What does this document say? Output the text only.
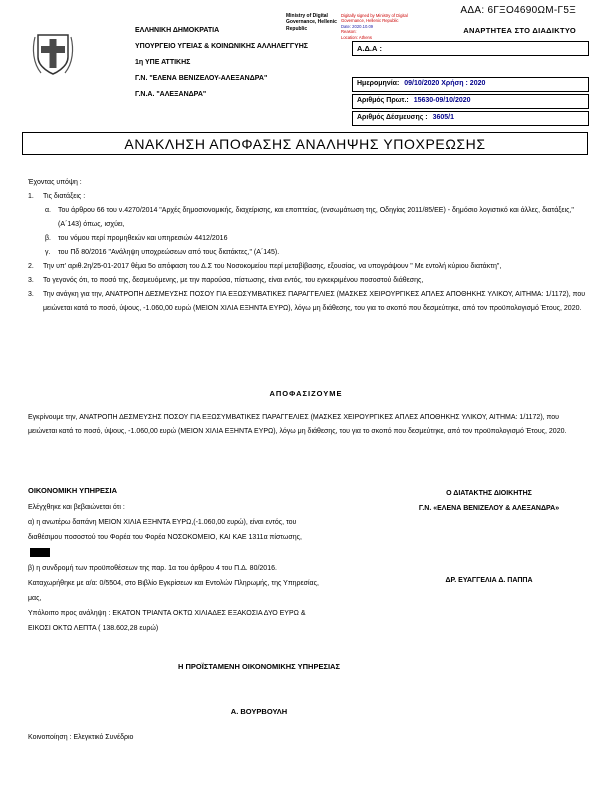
ΑΔΑ: 6ΓΞΟ4690ΩΜ-Γ5Ξ
ΑΝΑΡΤΗΤΕΑ ΣΤΟ ΔΙΑΔΙΚΤΥΟ
ΕΛΛΗΝΙΚΗ ΔΗΜΟΚΡΑΤΙΑ
ΥΠΟΥΡΓΕΙΟ ΥΓΕΙΑΣ & ΚΟΙΝΩΝΙΚΗΣ ΑΛΛΗΛΕΓΓΥΗΣ
1η ΥΠΕ ΑΤΤΙΚΗΣ
Γ.Ν. "ΕΛΕΝΑ ΒΕΝΙΖΕΛΟΥ-ΑΛΕΞΑΝΔΡΑ"
Γ.Ν.Α. "ΑΛΕΞΑΝΔΡΑ"
Ministry of Digital Governance, Hellenic Republic
Digitally signed by Ministry of Digital Governance, Hellenic Republic
Date: 2020.10.09
Reason:
Location: Athens
Α.Δ.Α :
Ημερομηνία: 09/10/2020 Χρήση : 2020
Αριθμός Πρωτ.: 15630-09/10/2020
Αριθμός Δέσμευσης : 3605/1
ΑΝΑΚΛΗΣΗ ΑΠΟΦΑΣΗΣ ΑΝΑΛΗΨΗΣ ΥΠΟΧΡΕΩΣΗΣ
Έχοντας υπόψη :
1.	Τις διατάξεις :
α.	Του άρθρου 66 του ν.4270/2014 "Αρχές δημοσιονομικής, διαχείρισης, και εποπτείας, (ενσωμάτωση της, Οδηγίας 2011/85/ΕΕ) - δημόσιο λογιστικό και άλλες, διατάξεις," (Α΄143) όπως, ισχύει,
β.	του νόμου περί προμηθειών και υπηρεσιών 4412/2016
γ.	του Πδ 80/2016 "Ανάληψη υποχρεώσεων από τους διατάκτες," (Α΄145).
2.	Την υπ' αριθ.2η/25-01-2017 θέμα 5ο απόφαση του Δ.Σ του Νοσοκομείου περί μεταβίβασης, εξουσίας, να υπογράψουν " Με εντολή κύριου διατάκτη",
3.	Το γεγονός ότι, το ποσό της, δεσμευόμενης, με την παρούσα, πίστωσης, είναι εντός, του εγκεκριμένου ποσοστού διάθεσης,
3.	Την ανάγκη για την, ΑΝΑΤΡΟΠΗ ΔΕΣΜΕΥΣΗΣ ΠΟΣΟΥ ΓΙΑ ΕΞΩΣΥΜΒΑΤΙΚΕΣ ΠΑΡΑΓΓΕΛΙΕΣ (ΜΑΣΚΕΣ ΧΕΙΡΟΥΡΓΙΚΕΣ ΑΠΛΕΣ ΑΠΟΘΗΚΗΣ ΥΛΙΚΟΥ, ΑΙΤΗΜΑ: 1/1172), που μειώνεται κατά το ποσό, ύψους, -1.060,00 ευρώ (ΜΕΙΟΝ ΧΙΛΙΑ ΕΞΗΝΤΑ ΕΥΡΩ), λόγω μη διάθεσης, του για το σκοπό που δεσμεύτηκε, από τον προϋπολογισμό Έτους, 2020.
ΑΠΟΦΑΣΙΖΟΥΜΕ
Εγκρίνουμε την, ΑΝΑΤΡΟΠΗ ΔΕΣΜΕΥΣΗΣ ΠΟΣΟΥ ΓΙΑ ΕΞΩΣΥΜΒΑΤΙΚΕΣ ΠΑΡΑΓΓΕΛΙΕΣ (ΜΑΣΚΕΣ ΧΕΙΡΟΥΡΓΙΚΕΣ ΑΠΛΕΣ ΑΠΟΘΗΚΗΣ ΥΛΙΚΟΥ, ΑΙΤΗΜΑ: 1/1172), που μειώνεται κατά το ποσό, ύψους, -1.060,00 ευρώ (ΜΕΙΟΝ ΧΙΛΙΑ ΕΞΗΝΤΑ ΕΥΡΩ), λόγω μη διάθεσης, του για το σκοπό που δεσμεύτηκε, από τον προϋπολογισμό Έτους, 2020.
ΟΙΚΟΝΟΜΙΚΗ ΥΠΗΡΕΣΙΑ
Ελέγχθηκε και βεβαιώνεται ότι :
α) η ανωτέρω δαπάνη ΜΕΙΟΝ ΧΙΛΙΑ ΕΞΗΝΤΑ ΕΥΡΩ,(-1.060,00 ευρώ), είναι εντός, του διαθέσιμου ποσοστού του Φορέα του Φορέα ΝΟΣΟΚΟΜΕΙΟ, ΚΑΙ ΚΑΕ 1311α πίστωσης,
β) η συνδρομή των προϋποθέσεων της παρ. 1α του άρθρου 4 του Π.Δ. 80/2016.
Καταχωρήθηκε με α/α: 0/5504, στο Βιβλίο Εγκρίσεων και Εντολών Πληρωμής, της Υπηρεσίας, μας,
Υπόλοιπο προς ανάληψη : ΕΚΑΤΟΝ ΤΡΙΑΝΤΑ ΟΚΤΩ ΧΙΛΙΑΔΕΣ ΕΞΑΚΟΣΙΑ ΔΥΟ ΕΥΡΩ & ΕΙΚΟΣΙ ΟΚΤΩ ΛΕΠΤΑ ( 138.602,28 ευρώ)
Ο ΔΙΑΤΑΚΤΗΣ ΔΙΟΙΚΗΤΗΣ
Γ.Ν. «ΕΛΕΝΑ ΒΕΝΙΖΕΛΟΥ & ΑΛΕΞΑΝΔΡΑ»
ΔΡ. ΕΥΑΓΓΕΛΙΑ Δ. ΠΑΠΠΑ
Η ΠΡΟΪΣΤΑΜΕΝΗ ΟΙΚΟΝΟΜΙΚΗΣ ΥΠΗΡΕΣΙΑΣ
Α. ΒΟΥΡΒΟΥΛΗ
Κοινοποίηση : Ελεγκτικό Συνέδριο
